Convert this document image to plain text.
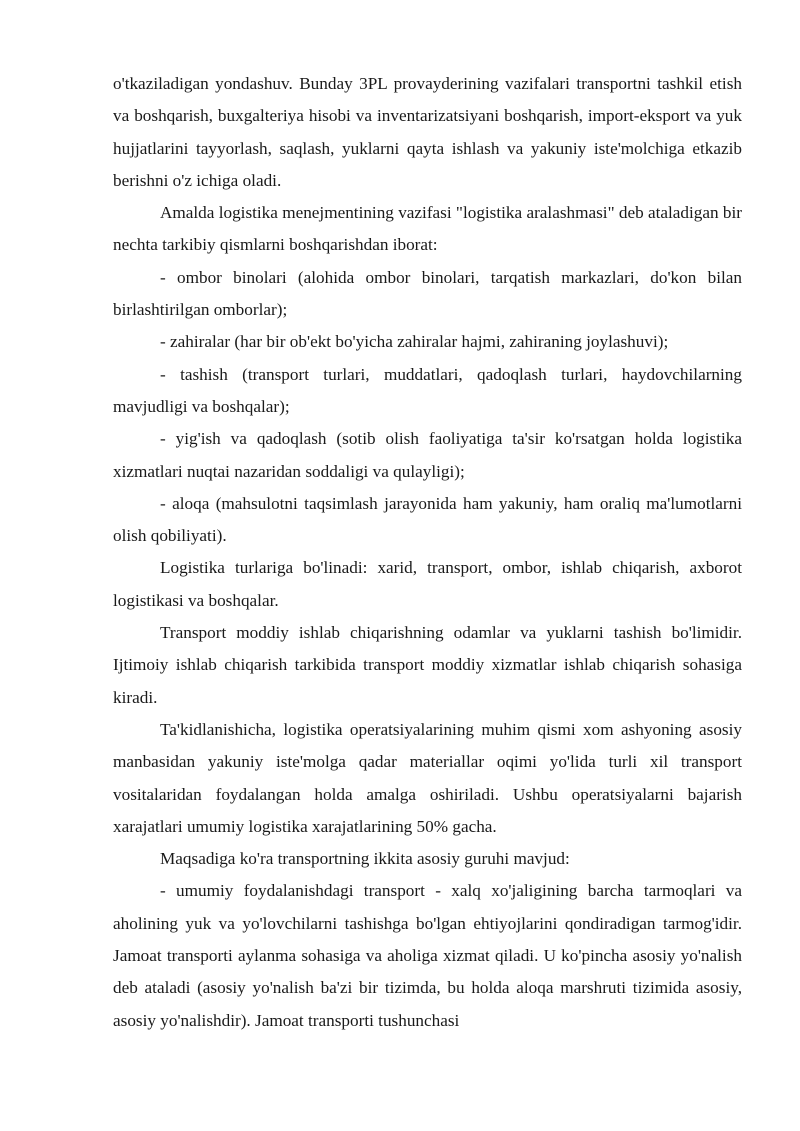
o'tkaziladigan yondashuv. Bunday 3PL provayderining vazifalari transportni tashkil etish va boshqarish, buxgalteriya hisobi va inventarizatsiyani boshqarish, import-eksport va yuk hujjatlarini tayyorlash, saqlash, yuklarni qayta ishlash va yakuniy iste'molchiga etkazib berishni o'z ichiga oladi.

Amalda logistika menejmentining vazifasi "logistika aralashmasi" deb ataladigan bir nechta tarkibiy qismlarni boshqarishdan iborat:

- ombor binolari (alohida ombor binolari, tarqatish markazlari, do'kon bilan birlashtirilgan omborlar);

- zahiralar (har bir ob'ekt bo'yicha zahiralar hajmi, zahiraning joylashuvi);

- tashish (transport turlari, muddatlari, qadoqlash turlari, haydovchilarning mavjudligi va boshqalar);

- yig'ish va qadoqlash (sotib olish faoliyatiga ta'sir ko'rsatgan holda logistika xizmatlari nuqtai nazaridan soddaligi va qulayligi);

- aloqa (mahsulotni taqsimlash jarayonida ham yakuniy, ham oraliq ma'lumotlarni olish qobiliyati).

Logistika turlariga bo'linadi: xarid, transport, ombor, ishlab chiqarish, axborot logistikasi va boshqalar.

Transport moddiy ishlab chiqarishning odamlar va yuklarni tashish bo'limidir. Ijtimoiy ishlab chiqarish tarkibida transport moddiy xizmatlar ishlab chiqarish sohasiga kiradi.

Ta'kidlanishicha, logistika operatsiyalarining muhim qismi xom ashyoning asosiy manbasidan yakuniy iste'molga qadar materiallar oqimi yo'lida turli xil transport vositalaridan foydalangan holda amalga oshiriladi. Ushbu operatsiyalarni bajarish xarajatlari umumiy logistika xarajatlarining 50% gacha.

Maqsadiga ko'ra transportning ikkita asosiy guruhi mavjud:

- umumiy foydalanishdagi transport - xalq xo'jaligining barcha tarmoqlari va aholining yuk va yo'lovchilarni tashishga bo'lgan ehtiyojlarini qondiradigan tarmog'idir. Jamoat transporti aylanma sohasiga va aholiga xizmat qiladi. U ko'pincha asosiy yo'nalish deb ataladi (asosiy yo'nalish ba'zi bir tizimda, bu holda aloqa marshruti tizimida asosiy, asosiy yo'nalishdir). Jamoat transporti tushunchasi
